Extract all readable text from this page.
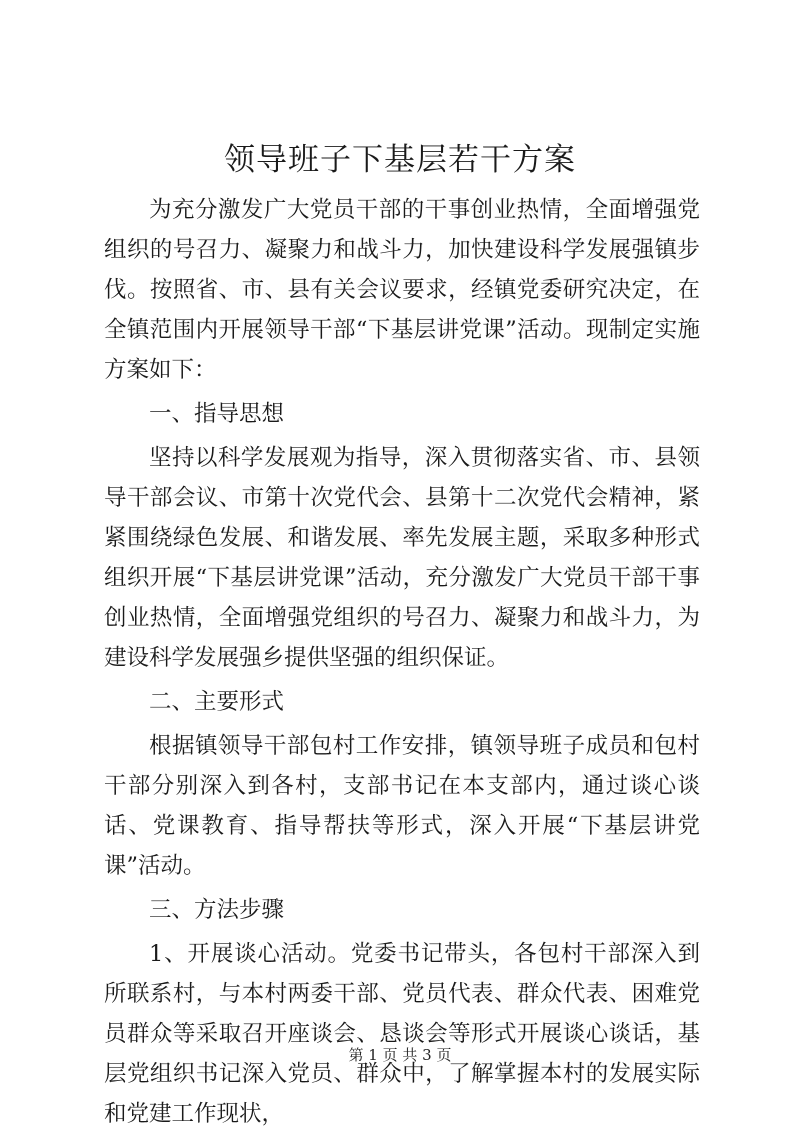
领导班子下基层若干方案

为充分激发广大党员干部的干事创业热情，全面增强党组织的号召力、凝聚力和战斗力，加快建设科学发展强镇步伐。按照省、市、县有关会议要求，经镇党委研究决定，在全镇范围内开展领导干部“下基层讲党课”活动。现制定实施方案如下：

一、指导思想

坚持以科学发展观为指导，深入贯彻落实省、市、县领导干部会议、市第十次党代会、县第十二次党代会精神，紧紧围绕绿色发展、和谐发展、率先发展主题，采取多种形式组织开展“下基层讲党课”活动，充分激发广大党员干部干事创业热情，全面增强党组织的号召力、凝聚力和战斗力，为建设科学发展强乡提供坚强的组织保证。

二、主要形式

根据镇领导干部包村工作安排，镇领导班子成员和包村干部分别深入到各村，支部书记在本支部内，通过谈心谈话、党课教育、指导帮扶等形式，深入开展“下基层讲党课”活动。

三、方法步骤

1、开展谈心活动。党委书记带头，各包村干部深入到所联系村，与本村两委干部、党员代表、群众代表、困难党员群众等采取召开座谈会、恳谈会等形式开展谈心谈话，基层党组织书记深入党员、群众中，了解掌握本村的发展实际和党建工作现状，

第 1 页 共 3 页
